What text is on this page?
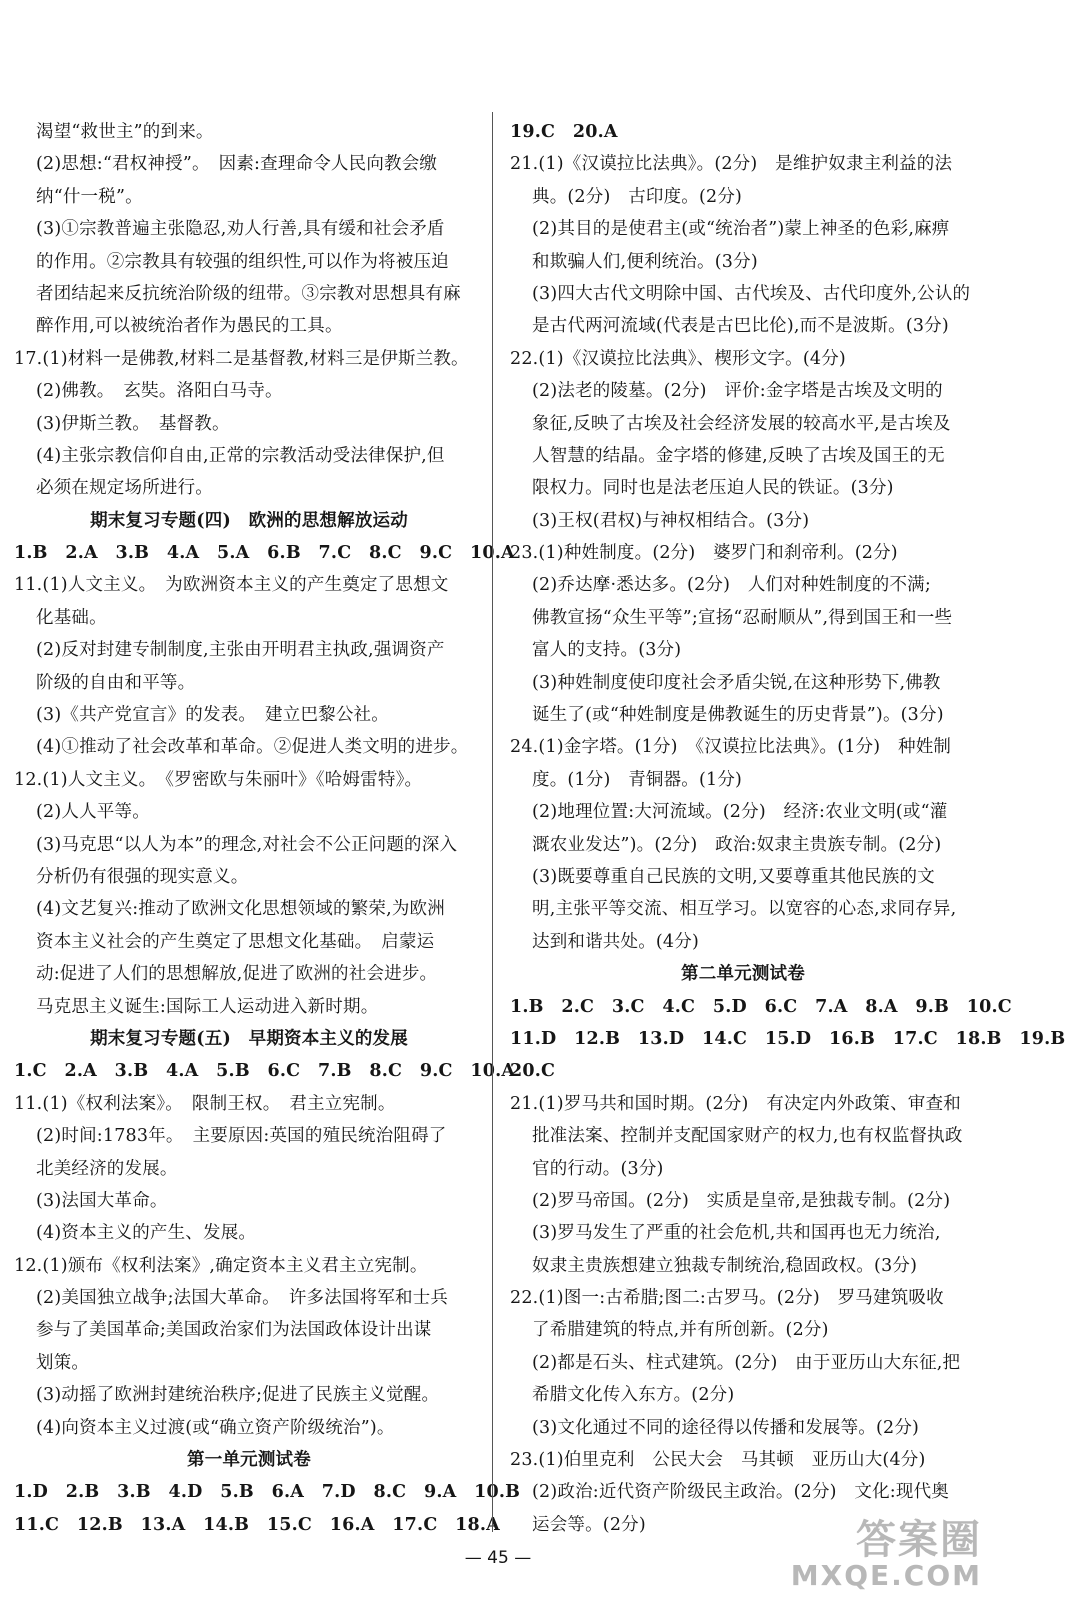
渴望“救世主”的到来。
(2)思想:“君权神授”。　因素:查理命令人民向教会缴
纳“什一税”。
(3)①宗教普遍主张隐忍,劝人行善,具有缓和社会矛盾
的作用。②宗教具有较强的组织性,可以作为将被压迫
者团结起来反抗统治阶级的纽带。③宗教对思想具有麻
醉作用,可以被统治者作为愚民的工具。
17.(1)材料一是佛教,材料二是基督教,材料三是伊斯兰教。
(2)佛教。　玄奘。洛阳白马寺。
(3)伊斯兰教。　基督教。
(4)主张宗教信仰自由,正常的宗教活动受法律保护,但
必须在规定场所进行。
期末复习专题(四)　欧洲的思想解放运动
1.B　2.A　3.B　4.A　5.A　6.B　7.C　8.C　9.C　10.A
11.(1)人文主义。　为欧洲资本主义的产生奠定了思想文
化基础。
(2)反对封建专制制度,主张由开明君主执政,强调资产
阶级的自由和平等。
(3)《共产党宣言》的发表。　建立巴黎公社。
(4)①推动了社会改革和革命。②促进人类文明的进步。
12.(1)人文主义。　《罗密欧与朱丽叶》《哈姆雷特》。
(2)人人平等。
(3)马克思“以人为本”的理念,对社会不公正问题的深入
分析仍有很强的现实意义。
(4)文艺复兴:推动了欧洲文化思想领域的繁荣,为欧洲
资本主义社会的产生奠定了思想文化基础。　启蒙运
动:促进了人们的思想解放,促进了欧洲的社会进步。
马克思主义诞生:国际工人运动进入新时期。
期末复习专题(五)　早期资本主义的发展
1.C　2.A　3.B　4.A　5.B　6.C　7.B　8.C　9.C　10.A
11.(1)《权利法案》。　限制王权。　君主立宪制。
(2)时间:1783年。　主要原因:英国的殖民统治阻碍了
北美经济的发展。
(3)法国大革命。
(4)资本主义的产生、发展。
12.(1)颁布《权利法案》,确定资本主义君主立宪制。
(2)美国独立战争;法国大革命。　许多法国将军和士兵
参与了美国革命;美国政治家们为法国政体设计出谋
划策。
(3)动摇了欧洲封建统治秩序;促进了民族主义觉醒。
(4)向资本主义过渡(或“确立资产阶级统治”)。
第一单元测试卷
1.D　2.B　3.B　4.D　5.B　6.A　7.D　8.C　9.A　10.B
11.C　12.B　13.A　14.B　15.C　16.A　17.C　18.A
19.C　20.A
21.(1)《汉谟拉比法典》。(2分)　是维护奴隶主利益的法
典。(2分)　古印度。(2分)
(2)其目的是使君主(或“统治者”)蒙上神圣的色彩,麻痹
和欺骗人们,便利统治。(3分)
(3)四大古代文明除中国、古代埃及、古代印度外,公认的
是古代两河流域(代表是古巴比伦),而不是波斯。(3分)
22.(1)《汉谟拉比法典》、楔形文字。(4分)
(2)法老的陵墓。(2分)　评价:金字塔是古埃及文明的
象征,反映了古埃及社会经济发展的较高水平,是古埃及
人智慧的结晶。金字塔的修建,反映了古埃及国王的无
限权力。同时也是法老压迫人民的铁证。(3分)
(3)王权(君权)与神权相结合。(3分)
23.(1)种姓制度。(2分)　婆罗门和刹帝利。(2分)
(2)乔达摩·悉达多。(2分)　人们对种姓制度的不满;
佛教宣扬“众生平等”;宣扬“忍耐顺从”,得到国王和一些
富人的支持。(3分)
(3)种姓制度使印度社会矛盾尖锐,在这种形势下,佛教
诞生了(或“种姓制度是佛教诞生的历史背景”)。(3分)
24.(1)金字塔。(1分)　《汉谟拉比法典》。(1分)　种姓制
度。(1分)　青铜器。(1分)
(2)地理位置:大河流域。(2分)　经济:农业文明(或“灌
溉农业发达”)。(2分)　政治:奴隶主贵族专制。(2分)
(3)既要尊重自己民族的文明,又要尊重其他民族的文
明,主张平等交流、相互学习。以宽容的心态,求同存异,
达到和谐共处。(4分)
第二单元测试卷
1.B　2.C　3.C　4.C　5.D　6.C　7.A　8.A　9.B　10.C
11.D　12.B　13.D　14.C　15.D　16.B　17.C　18.B　19.B
20.C
21.(1)罗马共和国时期。(2分)　有决定内外政策、审查和
批准法案、控制并支配国家财产的权力,也有权监督执政
官的行动。(3分)
(2)罗马帝国。(2分)　实质是皇帝,是独裁专制。(2分)
(3)罗马发生了严重的社会危机,共和国再也无力统治,
奴隶主贵族想建立独裁专制统治,稳固政权。(3分)
22.(1)图一:古希腊;图二:古罗马。(2分)　罗马建筑吸收
了希腊建筑的特点,并有所创新。(2分)
(2)都是石头、柱式建筑。(2分)　由于亚历山大东征,把
希腊文化传入东方。(2分)
(3)文化通过不同的途径得以传播和发展等。(2分)
23.(1)伯里克利　公民大会　马其顿　亚历山大(4分)
(2)政治:近代资产阶级民主政治。(2分)　文化:现代奥
运会等。(2分)
— 45 —	答案圈
MXQE.COM
